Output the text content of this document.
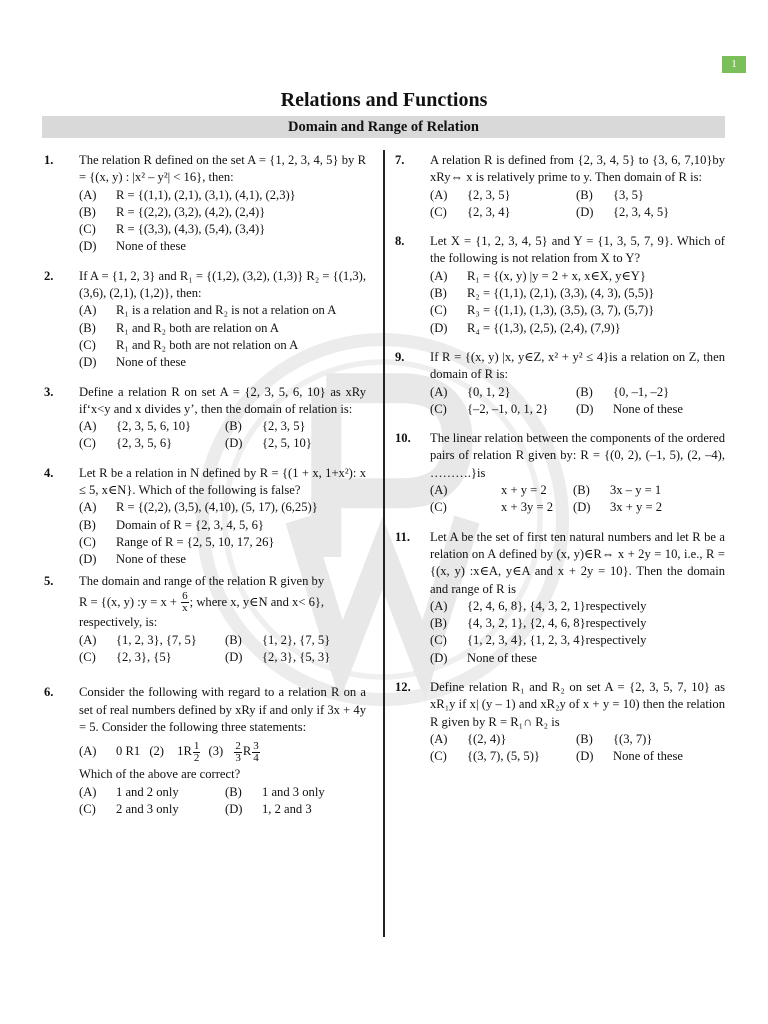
1
Relations and Functions
Domain and Range of Relation
1. The relation R defined on the set A = {1, 2, 3, 4, 5} by R = {(x, y) : |x² – y²| < 16}, then:
(A)	R = {(1,1), (2,1), (3,1), (4,1), (2,3)}
(B)	R = {(2,2), (3,2), (4,2), (2,4)}
(C)	R = {(3,3), (4,3), (5,4), (3,4)}
(D)	None of these
2. If A = {1, 2, 3} and R₁ = {(1,2), (3,2), (1,3)} R₂ = {(1,3), (3,6), (2,1), (1,2)}, then:
(A)	R₁ is a relation and R₂ is not a relation on A
(B)	R₁ and R₂ both are relation on A
(C)	R₁ and R₂ both are not relation on A
(D)	None of these
3. Define a relation R on set A = {2, 3, 5, 6, 10} as xRy if‘x<y and x divides y’, then the domain of relation is:
(A)	{2, 3, 5, 6, 10}	(B)	{2, 3, 5}
(C)	{2, 3, 5, 6}	(D)	{2, 5, 10}
4. Let R be a relation in N defined by R = {(1 + x, 1+x²): x ≤ 5, x∈N}. Which of the following is false?
(A)	R = {(2,2), (3,5), (4,10), (5, 17), (6,25)}
(B)	Domain of R = {2, 3, 4, 5, 6}
(C)	Range of R = {2, 5, 10, 17, 26}
(D)	None of these
5. The domain and range of the relation R given by
R = {(x, y) :y = $x + \frac{6}{x}$ ; where x, y∈N and x< 6},
respectively, is:
(A)	{1, 2, 3}, {7, 5}	(B)	{1, 2}, {7, 5}
(C)	{2, 3}, {5}	(D)	{2, 3}, {5, 3}
6. Consider the following with regard to a relation R on a set of real numbers defined by xRy if and only if 3x + 4y = 5. Consider the following three statements:
(A) 0 R1 (2) $1R \frac{1}{2} (3) \frac{2}{3}$ R $\frac{3}{4}$
Which of the above are correct?
(A)	1 and 2 only	(B)	1 and 3 only
(C)	2 and 3 only	(D)	1, 2 and 3
7. A relation R is defined from {2, 3, 4, 5} to {3, 6, 7,10}by xRy⇔ x is relatively prime to y. Then domain of R is:
(A)	{2, 3, 5}	(B)	{3, 5}
(C)	{2, 3, 4}	(D)	{2, 3, 4, 5}
8. Let X = {1, 2, 3, 4, 5} and Y = {1, 3, 5, 7, 9}. Which of the following is not relation from X to Y?
(A)	R₁ = {(x, y) |y = 2 + x, x∈X, y∈Y}
(B)	R₂ = {(1,1), (2,1), (3,3), (4, 3), (5,5)}
(C)	R₃ = {(1,1), (1,3), (3,5), (3, 7), (5,7)}
(D)	R₄ = {(1,3), (2,5), (2,4), (7,9)}
9. If R = {(x, y) |x, y∈Z, x² + y² ≤ 4}is a relation on Z, then domain of R is:
(A)	{0, 1, 2}	(B)	{0, –1, –2}
(C)	{–2, –1, 0, 1, 2}	(D)	None of these
10. The linear relation between the components of the ordered pairs of relation R given by: R = {(0, 2), (–1, 5), (2, –4), ……….}is
(A)	x + y = 2	(B)	3x – y = 1
(C)	x + 3y = 2	(D)	3x + y = 2
11. Let A be the set of first ten natural numbers and let R be a relation on A defined by (x, y)∈R⇔ x + 2y = 10, i.e., R = {(x, y) :x∈A, y∈A and x + 2y = 10}. Then the domain and range of R is
(A)	{2, 4, 6, 8}, {4, 3, 2, 1}respectively
(B)	{4, 3, 2, 1}, {2, 4, 6, 8}respectively
(C)	{1, 2, 3, 4}, {1, 2, 3, 4}respectively
(D)	None of these
12. Define relation R₁ and R₂ on set A = {2, 3, 5, 7, 10} as xR₁y if x| (y – 1) and xR₂y of x + y = 10) then the relation R given by R = R₁∩ R₂ is
(A)	{(2, 4)}	(B)	{(3, 7)}
(C)	{(3, 7), (5, 5)}	(D)	None of these
